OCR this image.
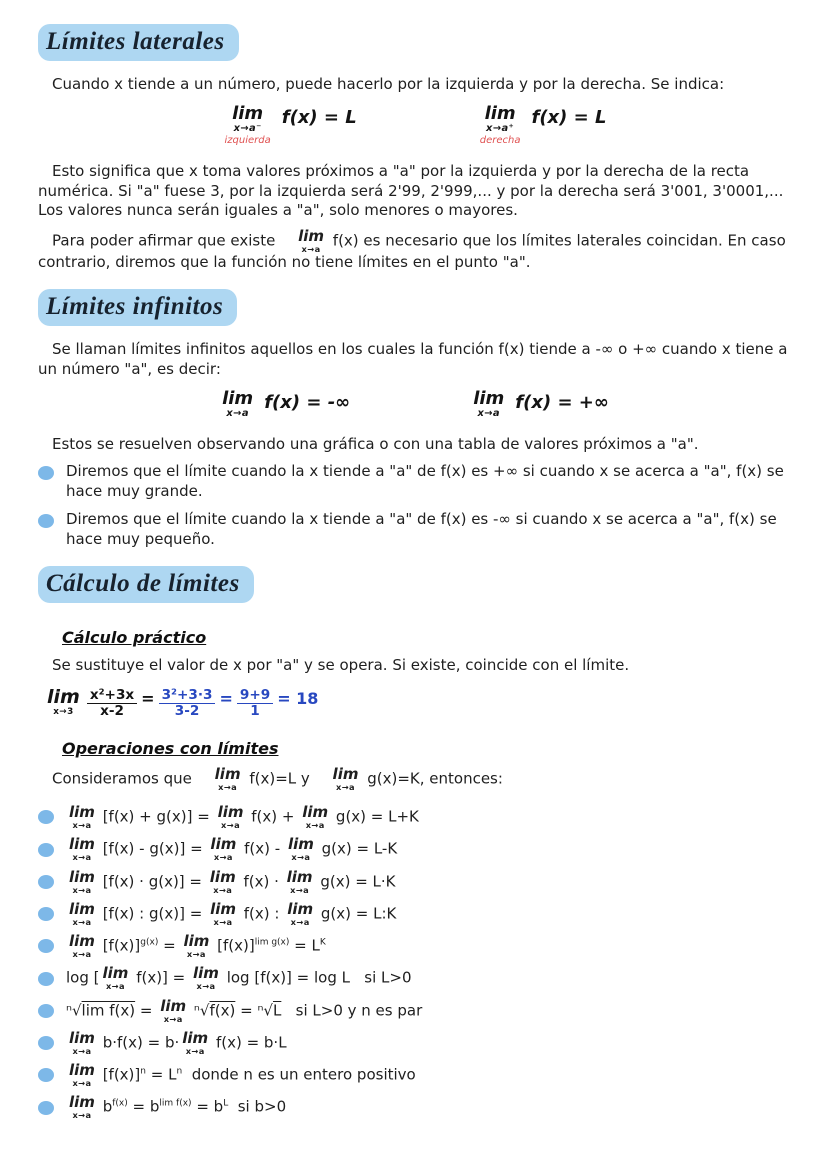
Límites laterales

Cuando x tiende a un número, puede hacerlo por la izquierda y por la derecha. Se indica:

lim
x→a⁻
izquierda
f(x) = L	lim
x→a⁺
derecha
f(x) = L

Esto significa que x toma valores próximos a "a" por la izquierda y por la derecha de la recta numérica. Si "a" fuese 3, por la izquierda será 2'99, 2'999,... y por la derecha será 3'001, 3'0001,... Los valores nunca serán iguales a "a", solo menores o mayores.

Para poder afirmar que existe	lim
x→a f(x) es necesario que los límites laterales coincidan. En caso contrario, diremos que la función no tiene límites en el punto "a".

Límites infinitos

Se llaman límites infinitos aquellos en los cuales la función f(x) tiende a -∞ o +∞ cuando x tiene a un número "a", es decir:

lim
x→a
f(x) = -∞	lim
x→a
f(x) = +∞

Estos se resuelven observando una gráfica o con una tabla de valores próximos a "a".

Diremos que el límite cuando la x tiende a "a" de f(x) es +∞ si cuando x se acerca a "a", f(x) se hace muy grande.
Diremos que el límite cuando la x tiende a "a" de f(x) es -∞ si cuando x se acerca a "a", f(x) se hace muy pequeño.
Cálculo de límites
Cálculo práctico

Se sustituye el valor de x por "a" y se opera. Si existe, coincide con el límite.

lim
$x\to 3 \frac{\text{x²+3x}}{x-2} = \frac{\text{3²+3·3}}{3-2} = \frac{9+9}{1} = 18$
Operaciones con límites

Consideramos que	lim
x→a f(x)=L y	lim
x→a g(x)=K, entonces:

lim
x→a [f(x) + g(x)] = lim
x→a f(x) + lim
x→a g(x) = L+K
lim
x→a [f(x) - g(x)] = lim
x→a f(x) - lim
x→a g(x) = L-K
lim
x→a [f(x) · g(x)] = lim
x→a f(x) · lim
x→a g(x) = L·K
lim
x→a [f(x) : g(x)] = lim
x→a f(x) : lim
x→a g(x) = L:K
lim
x→a $[f(x)]^{g(x)} = \lim$
x→a $[f(x)]^{lim g(x)} = L^K$
log [ lim
x→a f(x)] = lim
x→a log [f(x)] = log L   si L>0
ⁿ√lim f(x) = lim
x→a ⁿ√f(x) = ⁿ√L   si L>0 y n es par
lim
x→a b·f(x) = b· lim
x→a f(x) = b·L
lim
x→a $[f(x)]^n = L^n$  donde n es un entero positivo
lim
x→a $b^{f(x)} = b^{lim f(x)} = b^L$  si b>0
